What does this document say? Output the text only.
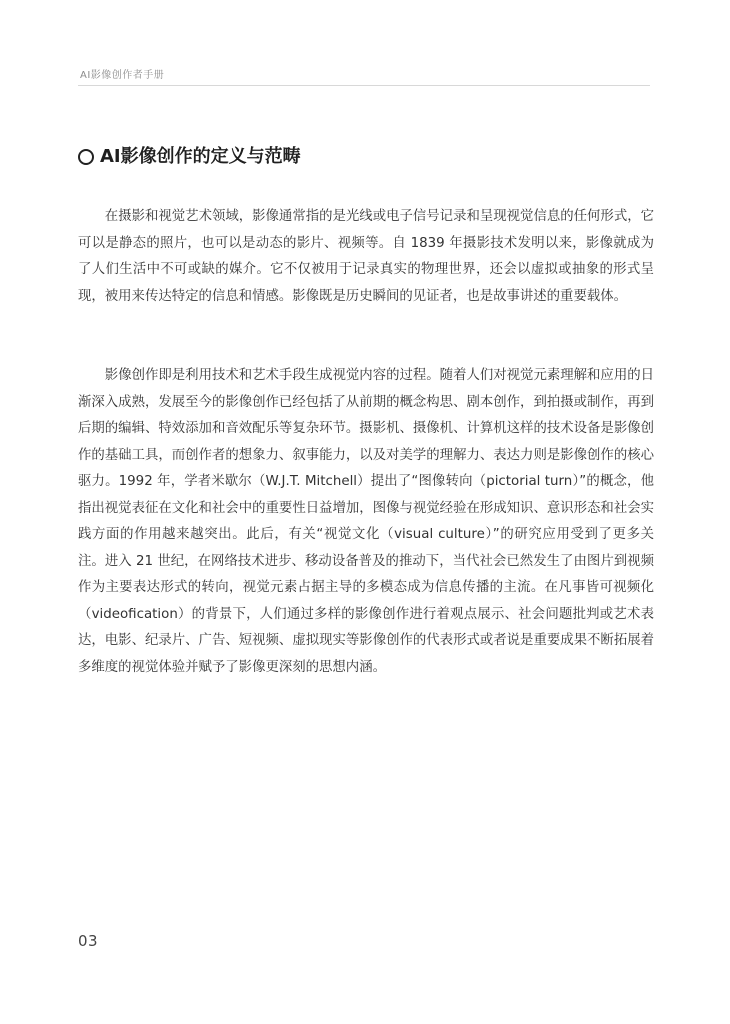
AI影像创作者手册
AI影像创作的定义与范畴

在摄影和视觉艺术领域，影像通常指的是光线或电子信号记录和呈现视觉信息的任何形式，它可以是静态的照片，也可以是动态的影片、视频等。自 1839 年摄影技术发明以来，影像就成为了人们生活中不可或缺的媒介。它不仅被用于记录真实的物理世界，还会以虚拟或抽象的形式呈现，被用来传达特定的信息和情感。影像既是历史瞬间的见证者，也是故事讲述的重要载体。

影像创作即是利用技术和艺术手段生成视觉内容的过程。随着人们对视觉元素理解和应用的日渐深入成熟，发展至今的影像创作已经包括了从前期的概念构思、剧本创作，到拍摄或制作，再到后期的编辑、特效添加和音效配乐等复杂环节。摄影机、摄像机、计算机这样的技术设备是影像创作的基础工具，而创作者的想象力、叙事能力，以及对美学的理解力、表达力则是影像创作的核心驱力。1992 年，学者米歇尔（W.J.T. Mitchell）提出了“图像转向（pictorial turn）”的概念，他指出视觉表征在文化和社会中的重要性日益增加，图像与视觉经验在形成知识、意识形态和社会实践方面的作用越来越突出。此后，有关“视觉文化（visual culture）”的研究应用受到了更多关注。进入 21 世纪，在网络技术进步、移动设备普及的推动下，当代社会已然发生了由图片到视频作为主要表达形式的转向，视觉元素占据主导的多模态成为信息传播的主流。在凡事皆可视频化（videofication）的背景下，人们通过多样的影像创作进行着观点展示、社会问题批判或艺术表达，电影、纪录片、广告、短视频、虚拟现实等影像创作的代表形式或者说是重要成果不断拓展着多维度的视觉体验并赋予了影像更深刻的思想内涵。

03
